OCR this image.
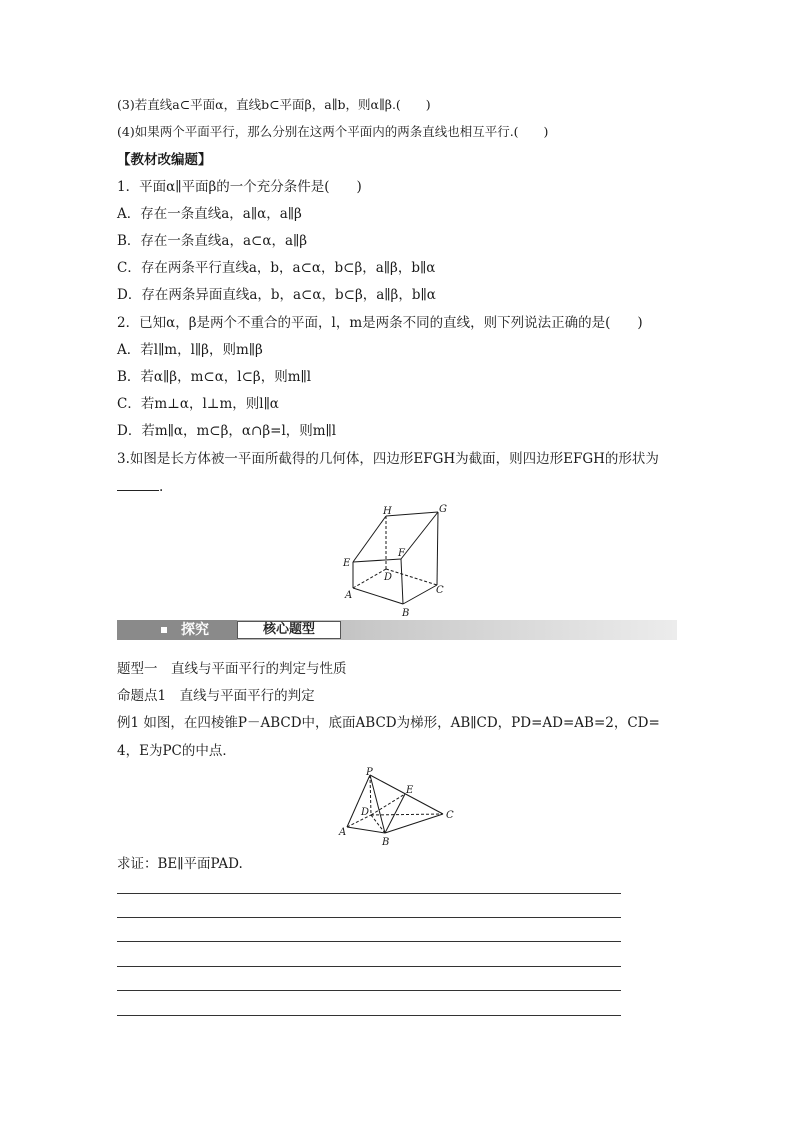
(3)若直线a⊂平面α，直线b⊂平面β，a∥b，则α∥β.(　　)
(4)如果两个平面平行，那么分别在这两个平面内的两条直线也相互平行.(　　)
【教材改编题】
1．平面α∥平面β的一个充分条件是(　　)
A．存在一条直线a，a∥α，a∥β
B．存在一条直线a，a⊂α，a∥β
C．存在两条平行直线a，b，a⊂α，b⊂β，a∥β，b∥α
D．存在两条异面直线a，b，a⊂α，b⊂β，a∥β，b∥α
2．已知α，β是两个不重合的平面，l，m是两条不同的直线，则下列说法正确的是(　　)
A．若l∥m，l∥β，则m∥β
B．若α∥β，m⊂α，l⊂β，则m∥l
C．若m⊥α，l⊥m，则l∥α
D．若m∥α，m⊂β，α∩β=l，则m∥l
3.如图是长方体被一平面所截得的几何体，四边形EFGH为截面，则四边形EFGH的形状为
.
H	G
E
F
D
A
B
C
探究	核心题型
题型一　直线与平面平行的判定与性质
命题点1　直线与平面平行的判定
例1 如图，在四棱锥P－ABCD中，底面ABCD为梯形，AB∥CD，PD=AD=AB=2，CD=
4，E为PC的中点．
P
E
D	C
A
B
求证：BE∥平面PAD.
